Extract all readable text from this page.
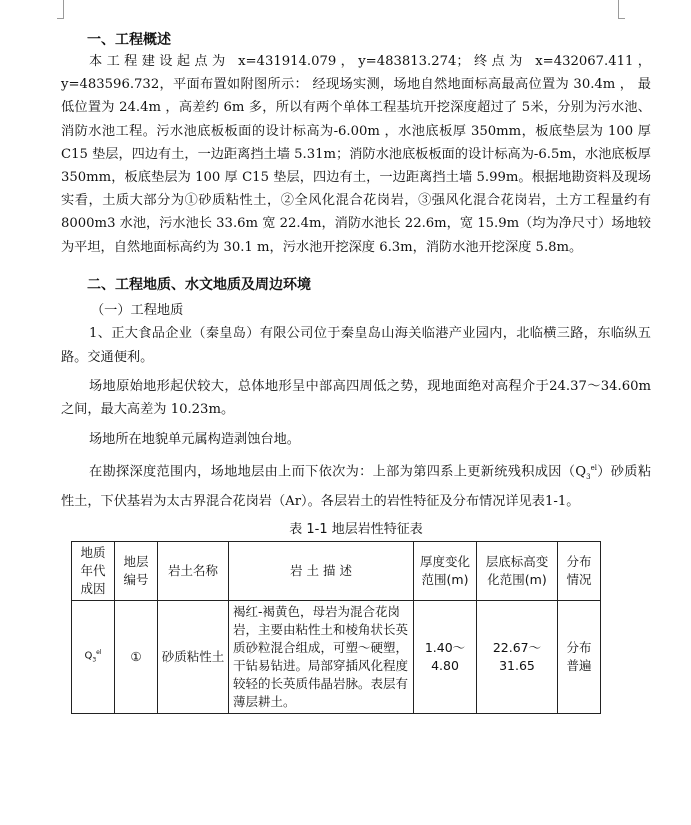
一、工程概述

本工程建设起点为 x=431914.079，y=483813.274；终点为 x=432067.411，y=483596.732，平面布置如附图所示： 经现场实测，场地自然地面标高最高位置为 30.4m ， 最低位置为 24.4m ，高差约 6m 多，所以有两个单体工程基坑开挖深度超过了 5米，分别为污水池、消防水池工程。污水池底板板面的设计标高为-6.00m ，水池底板厚 350mm，板底垫层为 100 厚 C15 垫层，四边有土，一边距离挡土墙 5.31m；消防水池底板板面的设计标高为-6.5m，水池底板厚 350mm，板底垫层为 100 厚 C15 垫层，四边有土，一边距离挡土墙 5.99m。根据地勘资料及现场实看，土质大部分为①砂质粘性土，②全风化混合花岗岩，③强风化混合花岗岩，土方工程量约有 8000m3 水池，污水池长 33.6m 宽 22.4m，消防水池长 22.6m，宽 15.9m（均为净尺寸）场地较为平坦，自然地面标高约为 30.1 m，污水池开挖深度 6.3m，消防水池开挖深度 5.8m。

二、工程地质、水文地质及周边环境
（一）工程地质

1、正大食品企业（秦皇岛）有限公司位于秦皇岛山海关临港产业园内，北临横三路，东临纵五路。交通便利。

场地原始地形起伏较大，总体地形呈中部高四周低之势，现地面绝对高程介于24.37～34.60m 之间，最大高差为 10.23m。

场地所在地貌单元属构造剥蚀台地。

在勘探深度范围内，场地地层由上而下依次为：上部为第四系上更新统残积成因$(Q_3^{el})$砂质粘性土，下伏基岩为太古界混合花岗岩（Ar）。各层岩土的岩性特征及分布情况详见表1-1。

表 1-1 地层岩性特征表
地质年代成因	地层编号	岩土名称	岩 土 描 述	厚度变化范围(m)	层底标高变化范围(m)	分布情况
$Q_3^{el}$	①	砂质粘性土	褐红-褐黄色，母岩为混合花岗岩，主要由粘性土和棱角状长英质砂粒混合组成，可塑～硬塑，干钻易钻进。局部穿插风化程度较轻的长英质伟晶岩脉。表层有薄层耕土。	1.40～4.80	22.67～31.65	分布普遍
